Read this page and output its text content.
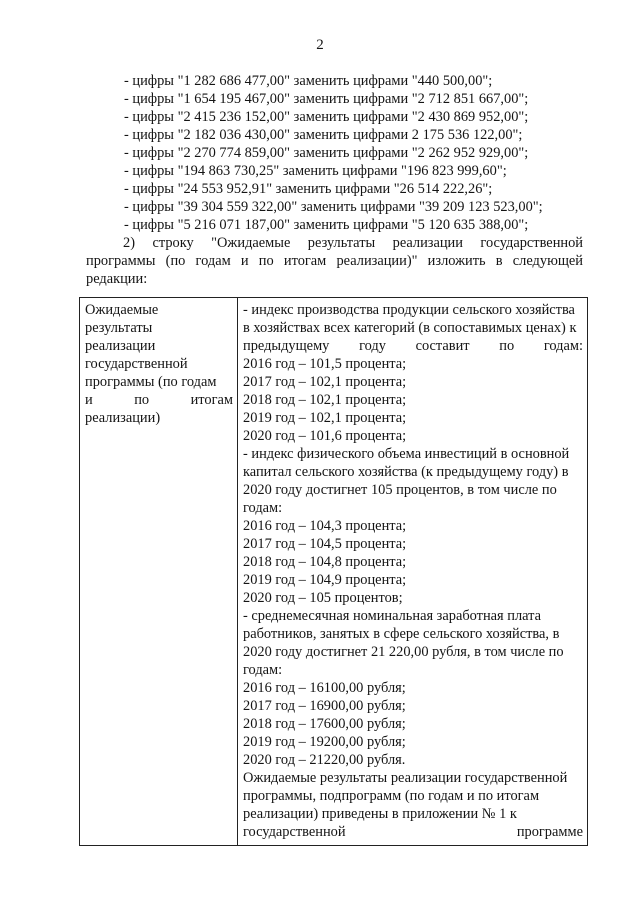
2
- цифры "1 282 686 477,00" заменить цифрами "440 500,00";
- цифры "1 654 195 467,00" заменить цифрами "2 712 851 667,00";
- цифры "2 415 236 152,00" заменить цифрами "2 430 869 952,00";
- цифры "2 182 036 430,00" заменить цифрами 2 175 536 122,00";
- цифры "2 270 774 859,00" заменить цифрами "2 262 952 929,00";
- цифры "194 863 730,25" заменить цифрами "196 823 999,60";
- цифры "24 553 952,91" заменить цифрами "26 514 222,26";
- цифры "39 304 559 322,00" заменить цифрами "39 209 123 523,00";
- цифры "5 216 071 187,00" заменить цифрами "5 120 635 388,00";

2) строку "Ожидаемые результаты реализации государственной программы (по годам и по итогам реализации)" изложить в следующей редакции:

Ожидаемые
результаты
реализации
государственной
программы (по годам
и по итогам
реализации)

- индекс производства продукции сельского хозяйства в хозяйствах всех категорий (в сопоставимых ценах) к предыдущему году составит по годам:
2016 год – 101,5 процента;
2017 год – 102,1 процента;
2018 год – 102,1 процента;
2019 год – 102,1 процента;
2020 год – 101,6 процента;
- индекс физического объема инвестиций в основной капитал сельского хозяйства (к предыдущему году) в 2020 году достигнет 105 процентов, в том числе по годам:
2016 год – 104,3 процента;
2017 год – 104,5 процента;
2018 год – 104,8 процента;
2019 год – 104,9 процента;
2020 год – 105 процентов;
- среднемесячная номинальная заработная плата работников, занятых в сфере сельского хозяйства, в 2020 году достигнет 21 220,00 рубля, в том числе по годам:
2016 год – 16100,00 рубля;
2017 год – 16900,00 рубля;
2018 год – 17600,00 рубля;
2019 год – 19200,00 рубля;
2020 год – 21220,00 рубля.
Ожидаемые результаты реализации государственной программы, подпрограмм (по годам и по итогам реализации) приведены в приложении № 1 к государственной программе
